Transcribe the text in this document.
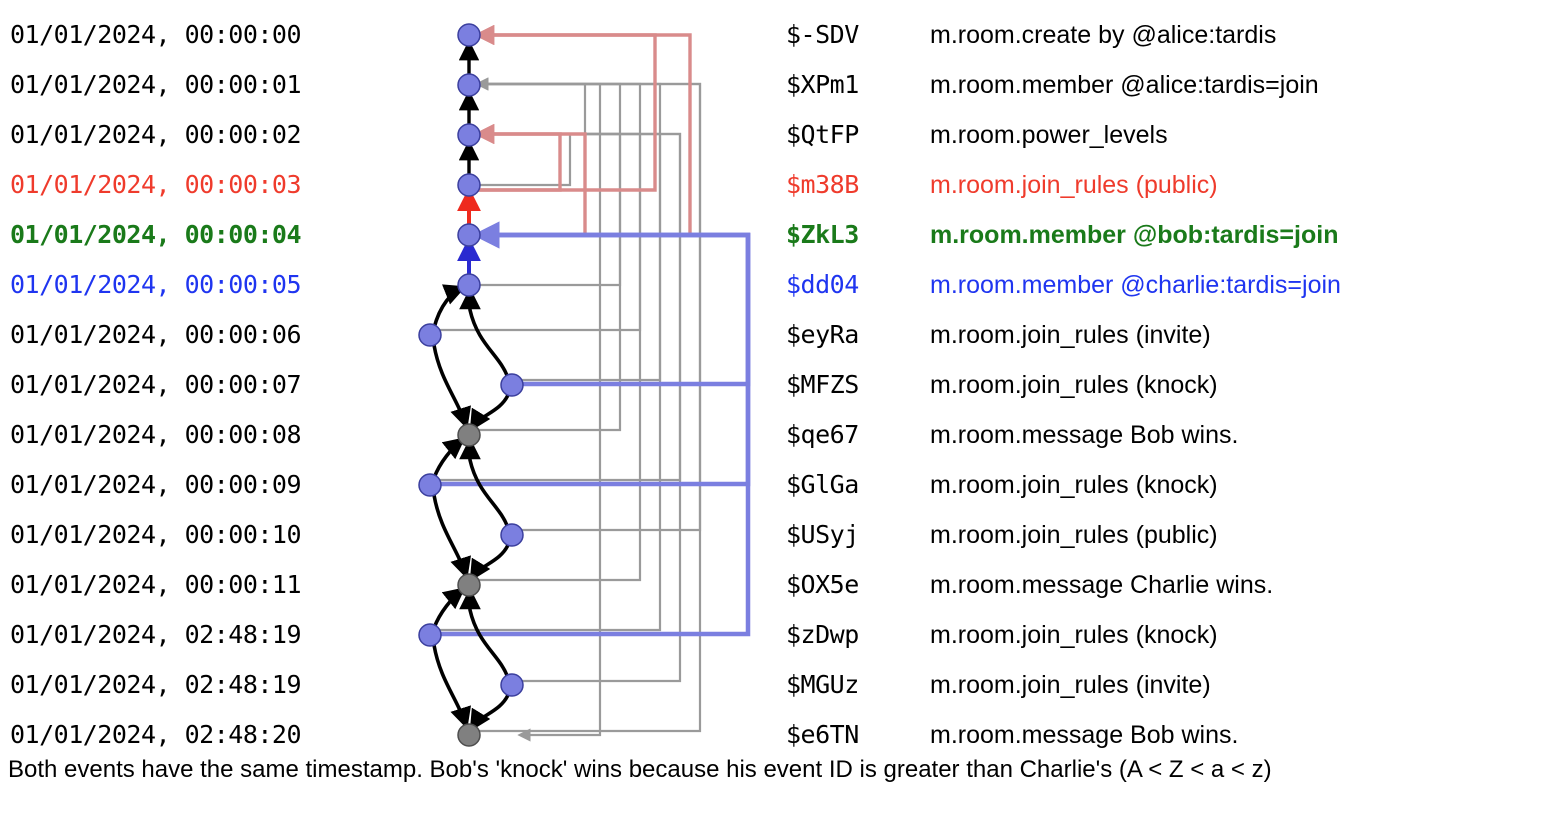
01/01/2024, 00:00:00	$-SDV	m.room.create by @alice:tardis
01/01/2024, 00:00:01	$XPm1	m.room.member @alice:tardis=join
01/01/2024, 00:00:02	$QtFP	m.room.power_levels
01/01/2024, 00:00:03	$m38B	m.room.join_rules (public)
01/01/2024, 00:00:04	$ZkL3	m.room.member @bob:tardis=join
01/01/2024, 00:00:05	$dd04	m.room.member @charlie:tardis=join
01/01/2024, 00:00:06	$eyRa	m.room.join_rules (invite)
01/01/2024, 00:00:07	$MFZS	m.room.join_rules (knock)
01/01/2024, 00:00:08	$qe67	m.room.message Bob wins.
01/01/2024, 00:00:09	$GlGa	m.room.join_rules (knock)
01/01/2024, 00:00:10	$USyj	m.room.join_rules (public)
01/01/2024, 00:00:11	$OX5e	m.room.message Charlie wins.
01/01/2024, 02:48:19	$zDwp	m.room.join_rules (knock)
01/01/2024, 02:48:19	$MGUz	m.room.join_rules (invite)
01/01/2024, 02:48:20	$e6TN	m.room.message Bob wins.
Both events have the same timestamp. Bob's 'knock' wins because his event ID is greater than Charlie's (A < Z < a < z)
